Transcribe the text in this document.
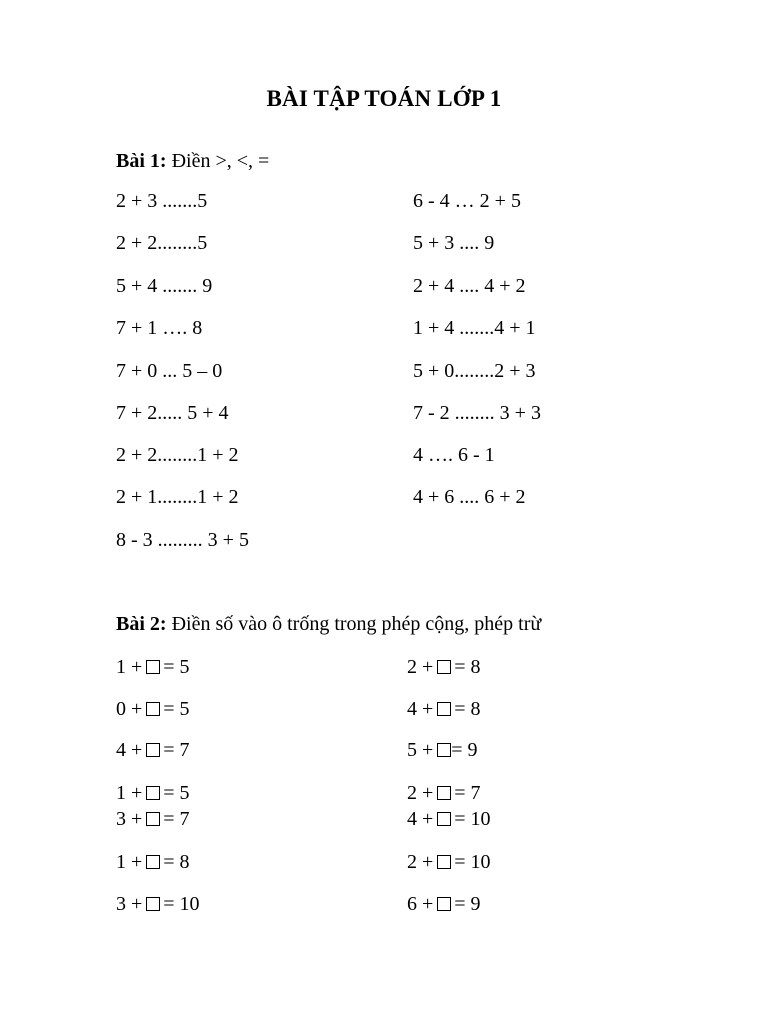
BÀI TẬP TOÁN LỚP 1
Bài 1: Điền >, <, =
2 + 3 .......5
2 + 2........5
5 + 4 ....... 9
7 + 1 …. 8
7 + 0 ... 5 – 0
7 + 2..... 5 + 4
2 + 2........1 + 2
2 + 1........1 + 2
8 - 3 ......... 3 + 5
6 - 4 … 2 + 5
5 + 3 .... 9
2 + 4 .... 4 + 2
1 + 4 .......4 + 1
5 + 0........2 + 3
7 - 2 ........ 3 + 3
4 …. 6 - 1
4 + 6 .... 6 + 2
Bài 2: Điền số vào ô trống trong phép cộng, phép trừ
1 + = 5
0 + = 5
4 + = 7
1 + = 5
3 + = 7
1 + = 8
3 + = 10
2 + = 8
4 + = 8
5 + = 9
2 + = 7
4 + = 10
2 + = 10
6 + = 9
